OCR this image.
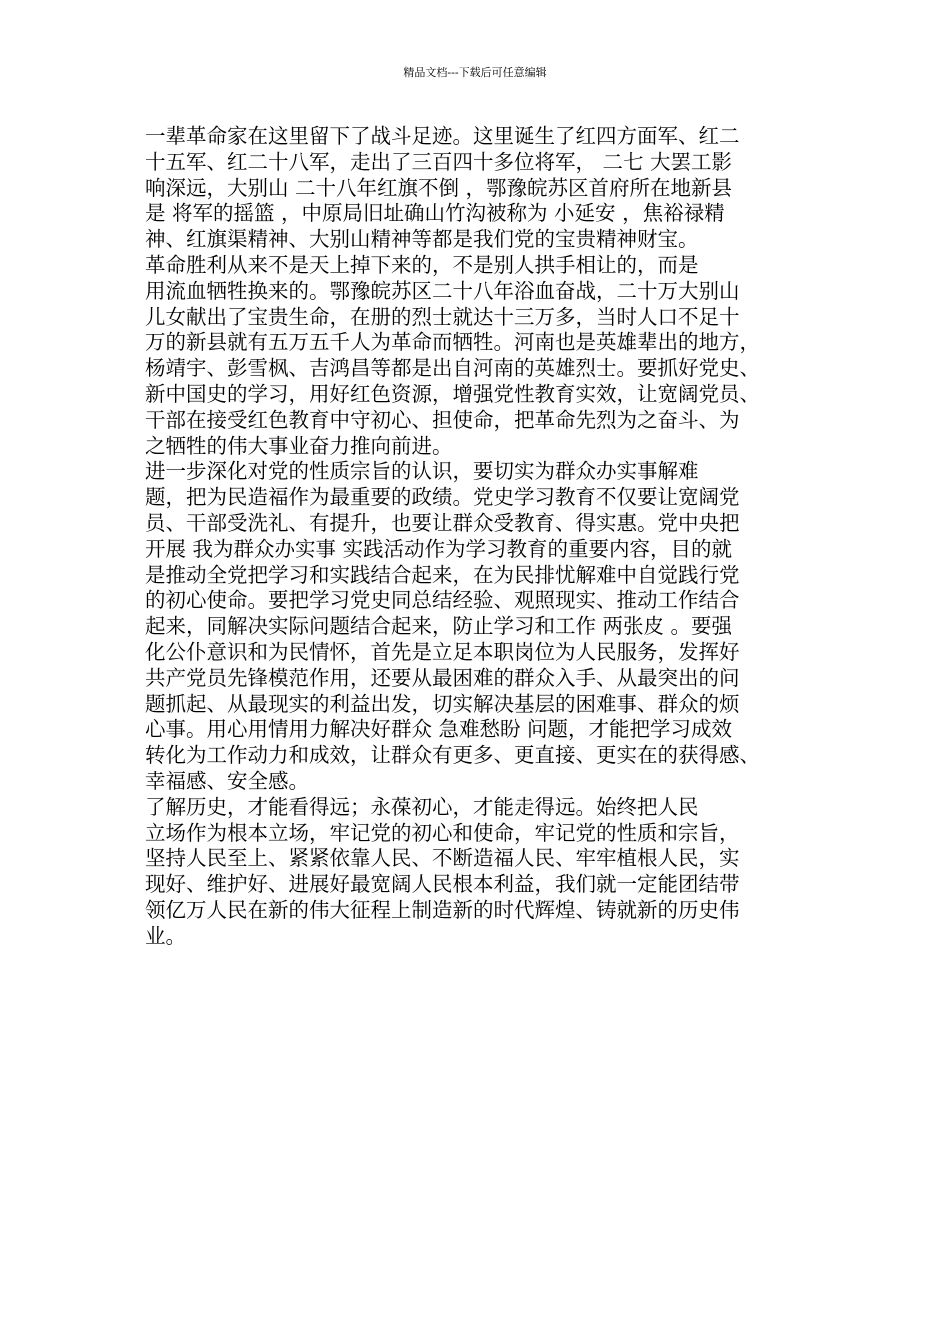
精品文档---下载后可任意编辑
一辈革命家在这里留下了战斗足迹。这里诞生了红四方面军、红二
十五军、红二十八军，走出了三百四十多位将军， 二七 大罢工影
响深远，大别山 二十八年红旗不倒 ，鄂豫皖苏区首府所在地新县
是 将军的摇篮 ，中原局旧址确山竹沟被称为 小延安 ，焦裕禄精
神、红旗渠精神、大别山精神等都是我们党的宝贵精神财宝。
革命胜利从来不是天上掉下来的，不是别人拱手相让的，而是
用流血牺牲换来的。鄂豫皖苏区二十八年浴血奋战，二十万大别山
儿女献出了宝贵生命，在册的烈士就达十三万多，当时人口不足十
万的新县就有五万五千人为革命而牺牲。河南也是英雄辈出的地方，
杨靖宇、彭雪枫、吉鸿昌等都是出自河南的英雄烈士。要抓好党史、
新中国史的学习，用好红色资源，增强党性教育实效，让宽阔党员、
干部在接受红色教育中守初心、担使命，把革命先烈为之奋斗、为
之牺牲的伟大事业奋力推向前进。
进一步深化对党的性质宗旨的认识，要切实为群众办实事解难
题，把为民造福作为最重要的政绩。党史学习教育不仅要让宽阔党
员、干部受洗礼、有提升，也要让群众受教育、得实惠。党中央把
开展 我为群众办实事 实践活动作为学习教育的重要内容，目的就
是推动全党把学习和实践结合起来，在为民排忧解难中自觉践行党
的初心使命。要把学习党史同总结经验、观照现实、推动工作结合
起来，同解决实际问题结合起来，防止学习和工作 两张皮 。要强
化公仆意识和为民情怀，首先是立足本职岗位为人民服务，发挥好
共产党员先锋模范作用，还要从最困难的群众入手、从最突出的问
题抓起、从最现实的利益出发，切实解决基层的困难事、群众的烦
心事。用心用情用力解决好群众 急难愁盼 问题，才能把学习成效
转化为工作动力和成效，让群众有更多、更直接、更实在的获得感、
幸福感、安全感。
了解历史，才能看得远；永葆初心，才能走得远。始终把人民
立场作为根本立场，牢记党的初心和使命，牢记党的性质和宗旨，
坚持人民至上、紧紧依靠人民、不断造福人民、牢牢植根人民，实
现好、维护好、进展好最宽阔人民根本利益，我们就一定能团结带
领亿万人民在新的伟大征程上制造新的时代辉煌、铸就新的历史伟
业。
